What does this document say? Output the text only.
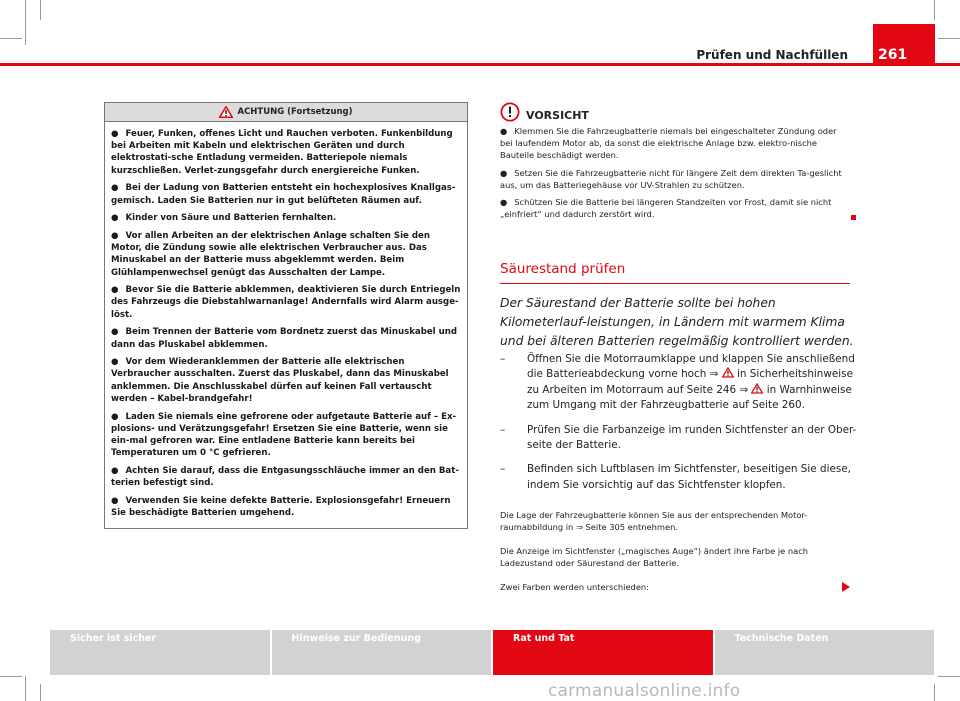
Prüfen und Nachfüllen	261
ACHTUNG (Fortsetzung)
● Feuer, Funken, offenes Licht und Rauchen verboten. Funkenbildung bei Arbeiten mit Kabeln und elektrischen Geräten und durch elektrostati-sche Entladung vermeiden. Batteriepole niemals kurzschließen. Verlet-zungsgefahr durch energiereiche Funken.
● Bei der Ladung von Batterien entsteht ein hochexplosives Knallgas-gemisch. Laden Sie Batterien nur in gut belüfteten Räumen auf.
● Kinder von Säure und Batterien fernhalten.
● Vor allen Arbeiten an der elektrischen Anlage schalten Sie den Motor, die Zündung sowie alle elektrischen Verbraucher aus. Das Minuskabel an der Batterie muss abgeklemmt werden. Beim Glühlampenwechsel genügt das Ausschalten der Lampe.
● Bevor Sie die Batterie abklemmen, deaktivieren Sie durch Entriegeln des Fahrzeugs die Diebstahlwarnanlage! Andernfalls wird Alarm ausge-löst.
● Beim Trennen der Batterie vom Bordnetz zuerst das Minuskabel und dann das Pluskabel abklemmen.
● Vor dem Wiederanklemmen der Batterie alle elektrischen Verbraucher ausschalten. Zuerst das Pluskabel, dann das Minuskabel anklemmen. Die Anschlusskabel dürfen auf keinen Fall vertauscht werden – Kabel-brandgefahr!
● Laden Sie niemals eine gefrorene oder aufgetaute Batterie auf – Ex-plosions- und Verätzungsgefahr! Ersetzen Sie eine Batterie, wenn sie ein-mal gefroren war. Eine entladene Batterie kann bereits bei Temperaturen um 0 °C gefrieren.
● Achten Sie darauf, dass die Entgasungsschläuche immer an den Bat-terien befestigt sind.
● Verwenden Sie keine defekte Batterie. Explosionsgefahr! Erneuern Sie beschädigte Batterien umgehend.
VORSICHT
● Klemmen Sie die Fahrzeugbatterie niemals bei eingeschalteter Zündung oder bei laufendem Motor ab, da sonst die elektrische Anlage bzw. elektro-nische Bauteile beschädigt werden.
● Setzen Sie die Fahrzeugbatterie nicht für längere Zeit dem direkten Ta-geslicht aus, um das Batteriegehäuse vor UV-Strahlen zu schützen.
● Schützen Sie die Batterie bei längeren Standzeiten vor Frost, damit sie nicht „einfriert“ und dadurch zerstört wird.
Säurestand prüfen
Der Säurestand der Batterie sollte bei hohen Kilometerlauf-leistungen, in Ländern mit warmem Klima und bei älteren Batterien regelmäßig kontrolliert werden.
– Öffnen Sie die Motorraumklappe und klappen Sie anschließend die Batterieabdeckung vorne hoch ⇒  in Sicherheitshinweise zu Arbeiten im Motorraum auf Seite 246 ⇒  in Warnhinweise zum Umgang mit der Fahrzeugbatterie auf Seite 260.
– Prüfen Sie die Farbanzeige im runden Sichtfenster an der Ober-seite der Batterie.
– Befinden sich Luftblasen im Sichtfenster, beseitigen Sie diese, indem Sie vorsichtig auf das Sichtfenster klopfen.
Die Lage der Fahrzeugbatterie können Sie aus der entsprechenden Motor-raumabbildung in ⇒ Seite 305 entnehmen.
Die Anzeige im Sichtfenster („magisches Auge“) ändert ihre Farbe je nach Ladezustand oder Säurestand der Batterie.
Zwei Farben werden unterschieden:
Sicher ist sicher	Hinweise zur Bedienung	Rat und Tat	Technische Daten
carmanualsonline.info
